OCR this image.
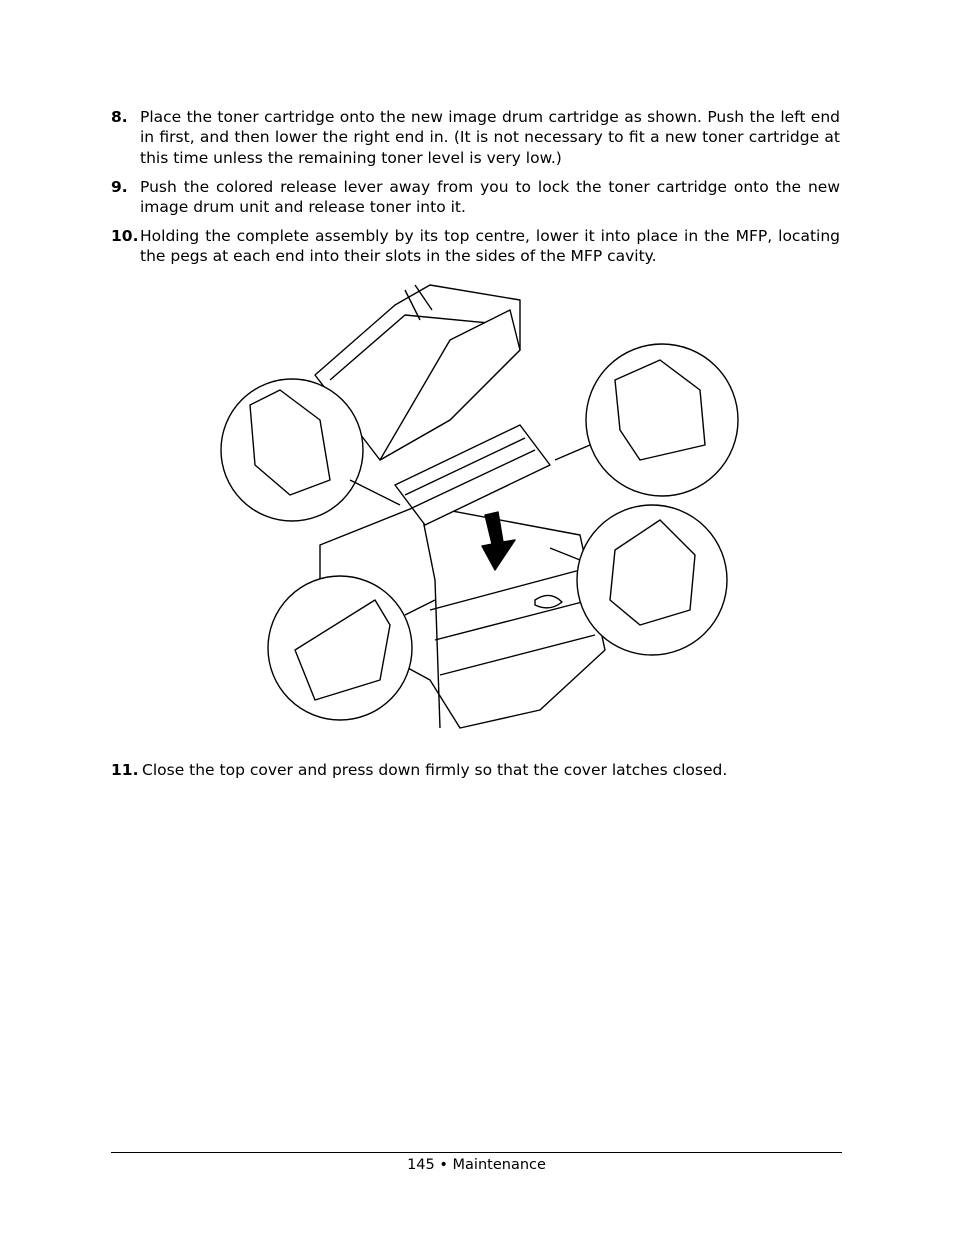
8. Place the toner cartridge onto the new image drum cartridge as shown. Push the left end in first, and then lower the right end in. (It is not necessary to fit a new toner cartridge at this time unless the remaining toner level is very low.)
9. Push the colored release lever away from you to lock the toner cartridge onto the new image drum unit and release toner into it.
10. Holding the complete assembly by its top centre, lower it into place in the MFP, locating the pegs at each end into their slots in the sides of the MFP cavity.
11. Close the top cover and press down firmly so that the cover latches closed.
145 • Maintenance
